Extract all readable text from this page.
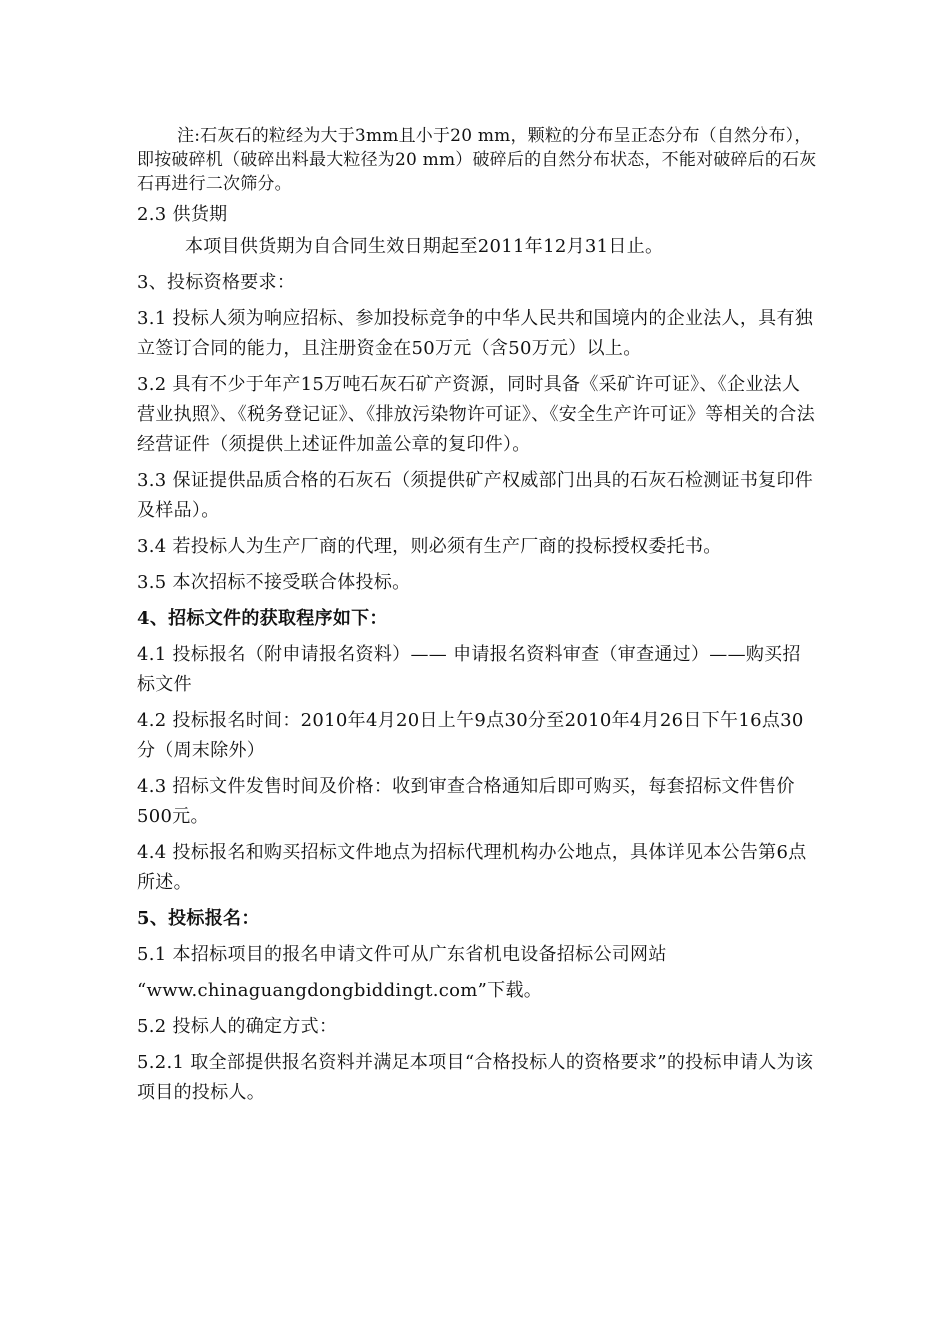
注:石灰石的粒经为大于3mm且小于20 mm，颗粒的分布呈正态分布（自然分布），即按破碎机（破碎出料最大粒径为20 mm）破碎后的自然分布状态，不能对破碎后的石灰石再进行二次筛分。

2.3 供货期

本项目供货期为自合同生效日期起至2011年12月31日止。

3、投标资格要求：

3.1 投标人须为响应招标、参加投标竞争的中华人民共和国境内的企业法人，具有独立签订合同的能力，且注册资金在50万元（含50万元）以上。

3.2 具有不少于年产15万吨石灰石矿产资源，同时具备《采矿许可证》、《企业法人营业执照》、《税务登记证》、《排放污染物许可证》、《安全生产许可证》等相关的合法经营证件（须提供上述证件加盖公章的复印件）。

3.3 保证提供品质合格的石灰石（须提供矿产权威部门出具的石灰石检测证书复印件及样品）。

3.4 若投标人为生产厂商的代理，则必须有生产厂商的投标授权委托书。

3.5 本次招标不接受联合体投标。

4、招标文件的获取程序如下：

4.1 投标报名（附申请报名资料）—— 申请报名资料审查（审查通过）——购买招标文件

4.2 投标报名时间：2010年4月20日上午9点30分至2010年4月26日下午16点30分（周末除外）

4.3 招标文件发售时间及价格：收到审查合格通知后即可购买，每套招标文件售价500元。

4.4 投标报名和购买招标文件地点为招标代理机构办公地点，具体详见本公告第6点所述。

5、投标报名：

5.1 本招标项目的报名申请文件可从广东省机电设备招标公司网站

“www.chinaguangdongbiddingt.com”下载。

5.2 投标人的确定方式：

5.2.1 取全部提供报名资料并满足本项目“合格投标人的资格要求”的投标申请人为该项目的投标人。
